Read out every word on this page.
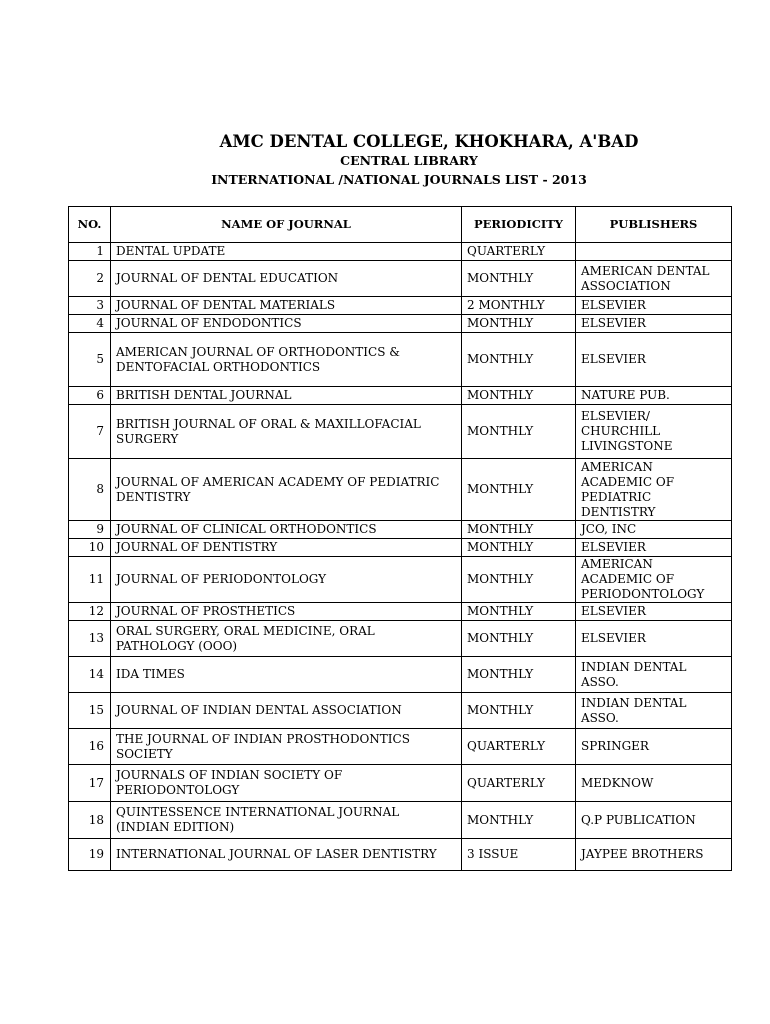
AMC DENTAL COLLEGE, KHOKHARA, A'BAD
CENTRAL LIBRARY
INTERNATIONAL /NATIONAL JOURNALS LIST - 2013
NO.	NAME OF JOURNAL	PERIODICITY	PUBLISHERS
1	DENTAL UPDATE	QUARTERLY	
2	JOURNAL OF DENTAL EDUCATION	MONTHLY	AMERICAN DENTAL ASSOCIATION
3	JOURNAL OF DENTAL MATERIALS	2 MONTHLY	ELSEVIER
4	JOURNAL OF ENDODONTICS	MONTHLY	ELSEVIER
5	AMERICAN JOURNAL OF ORTHODONTICS & DENTOFACIAL ORTHODONTICS	MONTHLY	ELSEVIER
6	BRITISH DENTAL JOURNAL	MONTHLY	NATURE PUB.
7	BRITISH JOURNAL OF ORAL & MAXILLOFACIAL SURGERY	MONTHLY	ELSEVIER/ CHURCHILL LIVINGSTONE
8	JOURNAL OF AMERICAN ACADEMY OF PEDIATRIC DENTISTRY	MONTHLY	AMERICAN ACADEMIC OF PEDIATRIC DENTISTRY
9	JOURNAL OF CLINICAL ORTHODONTICS	MONTHLY	JCO, INC
10	JOURNAL OF DENTISTRY	MONTHLY	ELSEVIER
11	JOURNAL OF PERIODONTOLOGY	MONTHLY	AMERICAN ACADEMIC OF PERIODONTOLOGY
12	JOURNAL OF PROSTHETICS	MONTHLY	ELSEVIER
13	ORAL SURGERY, ORAL MEDICINE, ORAL PATHOLOGY (OOO)	MONTHLY	ELSEVIER
14	IDA TIMES	MONTHLY	INDIAN DENTAL ASSO.
15	JOURNAL OF INDIAN DENTAL ASSOCIATION	MONTHLY	INDIAN DENTAL ASSO.
16	THE JOURNAL OF INDIAN PROSTHODONTICS SOCIETY	QUARTERLY	SPRINGER
17	JOURNALS OF INDIAN SOCIETY OF PERIODONTOLOGY	QUARTERLY	MEDKNOW
18	QUINTESSENCE INTERNATIONAL JOURNAL (INDIAN EDITION)	MONTHLY	Q.P PUBLICATION
19	INTERNATIONAL JOURNAL OF LASER DENTISTRY	3 ISSUE	JAYPEE BROTHERS
